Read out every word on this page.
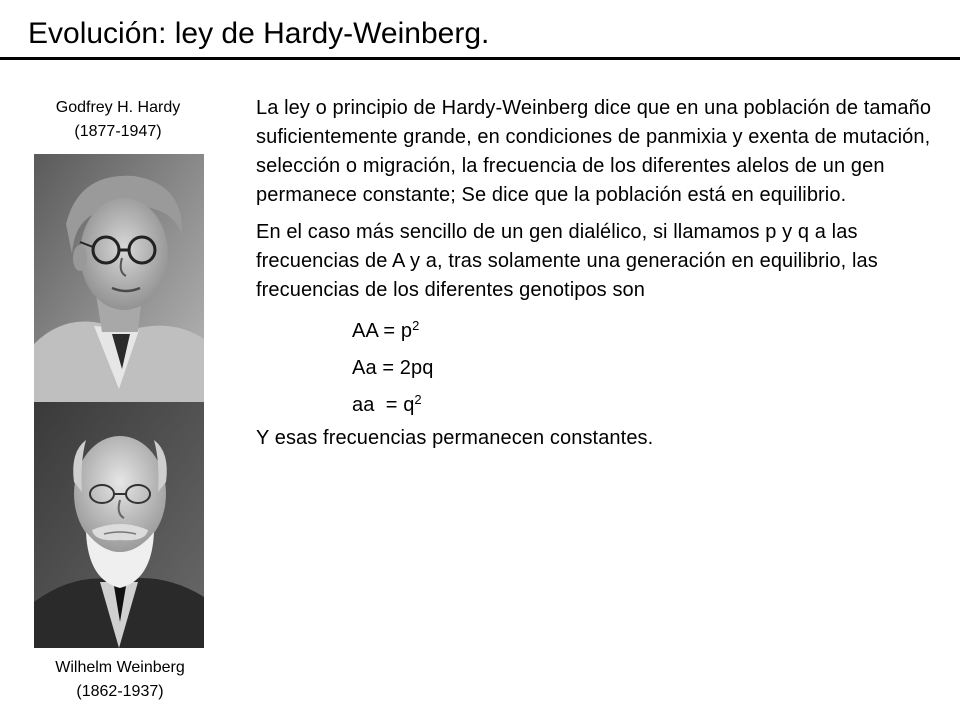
Evolución: ley de Hardy-Weinberg.
Godfrey H. Hardy
(1877-1947)
Wilhelm Weinberg
(1862-1937)

La ley o principio de Hardy-Weinberg dice que en una población de tamaño suficientemente grande, en condiciones de panmixia y exenta de mutación, selección o migración, la frecuencia de los diferentes alelos de un gen permanece constante; Se dice que la población está en equilibrio.

En el caso más sencillo de un gen dialélico, si llamamos p y q a las frecuencias de A y a, tras solamente una generación en equilibrio, las frecuencias de los diferentes genotipos son

AA = $p^2$
Aa = 2pq
aa  = $q^2$

Y esas frecuencias permanecen constantes.
